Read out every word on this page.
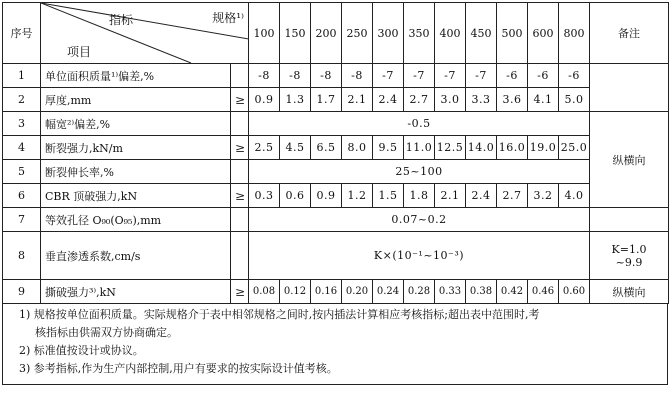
序号	指标 规格¹⁾
项目		100	150	200	250	300	350	400	450	500	600	800	备注
1	单位面积质量¹⁾偏差,%		-8	-8	-8	-8	-7	-7	-7	-7	-6	-6	-6	
2	厚度,mm	≥	0.9	1.3	1.7	2.1	2.4	2.7	3.0	3.3	3.6	4.1	5.0	
3	幅宽²⁾偏差,%		-0.5											纵横向
4	断裂强力,kN/m	≥	2.5	4.5	6.5	8.0	9.5	11.0	12.5	14.0	16.0	19.0	25.0	
5	断裂伸长率,%		25~100											
6	CBR 顶破强力,kN	≥	0.3	0.6	0.9	1.2	1.5	1.8	2.1	2.4	2.7	3.2	4.0	
7	等效孔径 O₉₀(O₉₅),mm		0.07~0.2											
8	垂直渗透系数,cm/s		K×(10⁻¹~10⁻³)											K=1.0
~9.9

9	撕破强力³⁾,kN	≥	0.08	0.12	0.16	0.20	0.24	0.28	0.33	0.38	0.42	0.46	0.60	纵横向
1) 规格按单位面积质量。实际规格介于表中相邻规格之间时,按内插法计算相应考核指标;超出表中范围时,考
核指标由供需双方协商确定。
2) 标准值按设计或协议。
3) 参考指标,作为生产内部控制,用户有要求的按实际设计值考核。
